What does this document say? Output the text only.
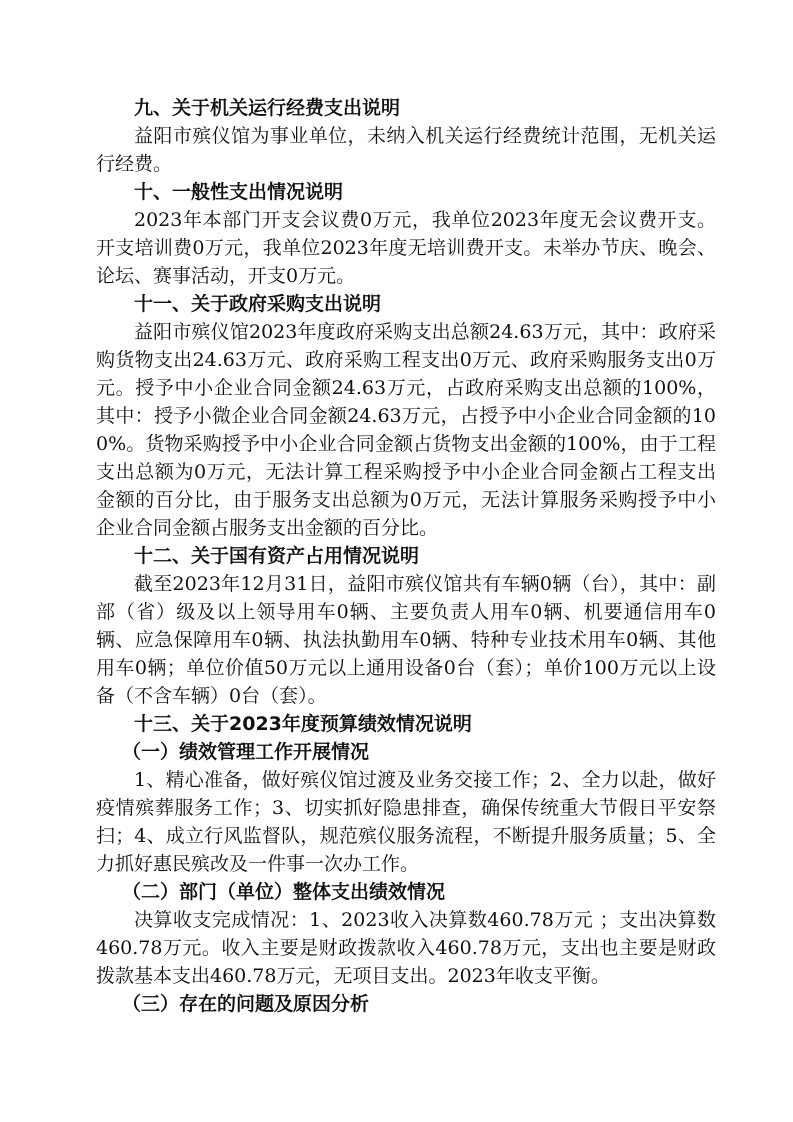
九、关于机关运行经费支出说明

益阳市殡仪馆为事业单位，未纳入机关运行经费统计范围，无机关运行经费。

十、一般性支出情况说明

2023年本部门开支会议费0万元，我单位2023年度无会议费开支。开支培训费0万元，我单位2023年度无培训费开支。未举办节庆、晚会、论坛、赛事活动，开支0万元。

十一、关于政府采购支出说明

益阳市殡仪馆2023年度政府采购支出总额24.63万元，其中：政府采购货物支出24.63万元、政府采购工程支出0万元、政府采购服务支出0万元。授予中小企业合同金额24.63万元，占政府采购支出总额的100%，其中：授予小微企业合同金额24.63万元，占授予中小企业合同金额的100%。货物采购授予中小企业合同金额占货物支出金额的100%，由于工程支出总额为0万元，无法计算工程采购授予中小企业合同金额占工程支出金额的百分比，由于服务支出总额为0万元，无法计算服务采购授予中小企业合同金额占服务支出金额的百分比。

十二、关于国有资产占用情况说明

截至2023年12月31日，益阳市殡仪馆共有车辆0辆（台），其中：副部（省）级及以上领导用车0辆、主要负责人用车0辆、机要通信用车0辆、应急保障用车0辆、执法执勤用车0辆、特种专业技术用车0辆、其他用车0辆；单位价值50万元以上通用设备0台（套）；单价100万元以上设备（不含车辆）0台（套）。

十三、关于2023年度预算绩效情况说明
（一）绩效管理工作开展情况

1、精心准备，做好殡仪馆过渡及业务交接工作；2、全力以赴，做好疫情殡葬服务工作；3、切实抓好隐患排查，确保传统重大节假日平安祭扫；4、成立行风监督队，规范殡仪服务流程，不断提升服务质量；5、全力抓好惠民殡改及一件事一次办工作。

（二）部门（单位）整体支出绩效情况

决算收支完成情况：1、2023收入决算数460.78万元 ；支出决算数460.78万元。收入主要是财政拨款收入460.78万元，支出也主要是财政拨款基本支出460.78万元，无项目支出。2023年收支平衡。

（三）存在的问题及原因分析
